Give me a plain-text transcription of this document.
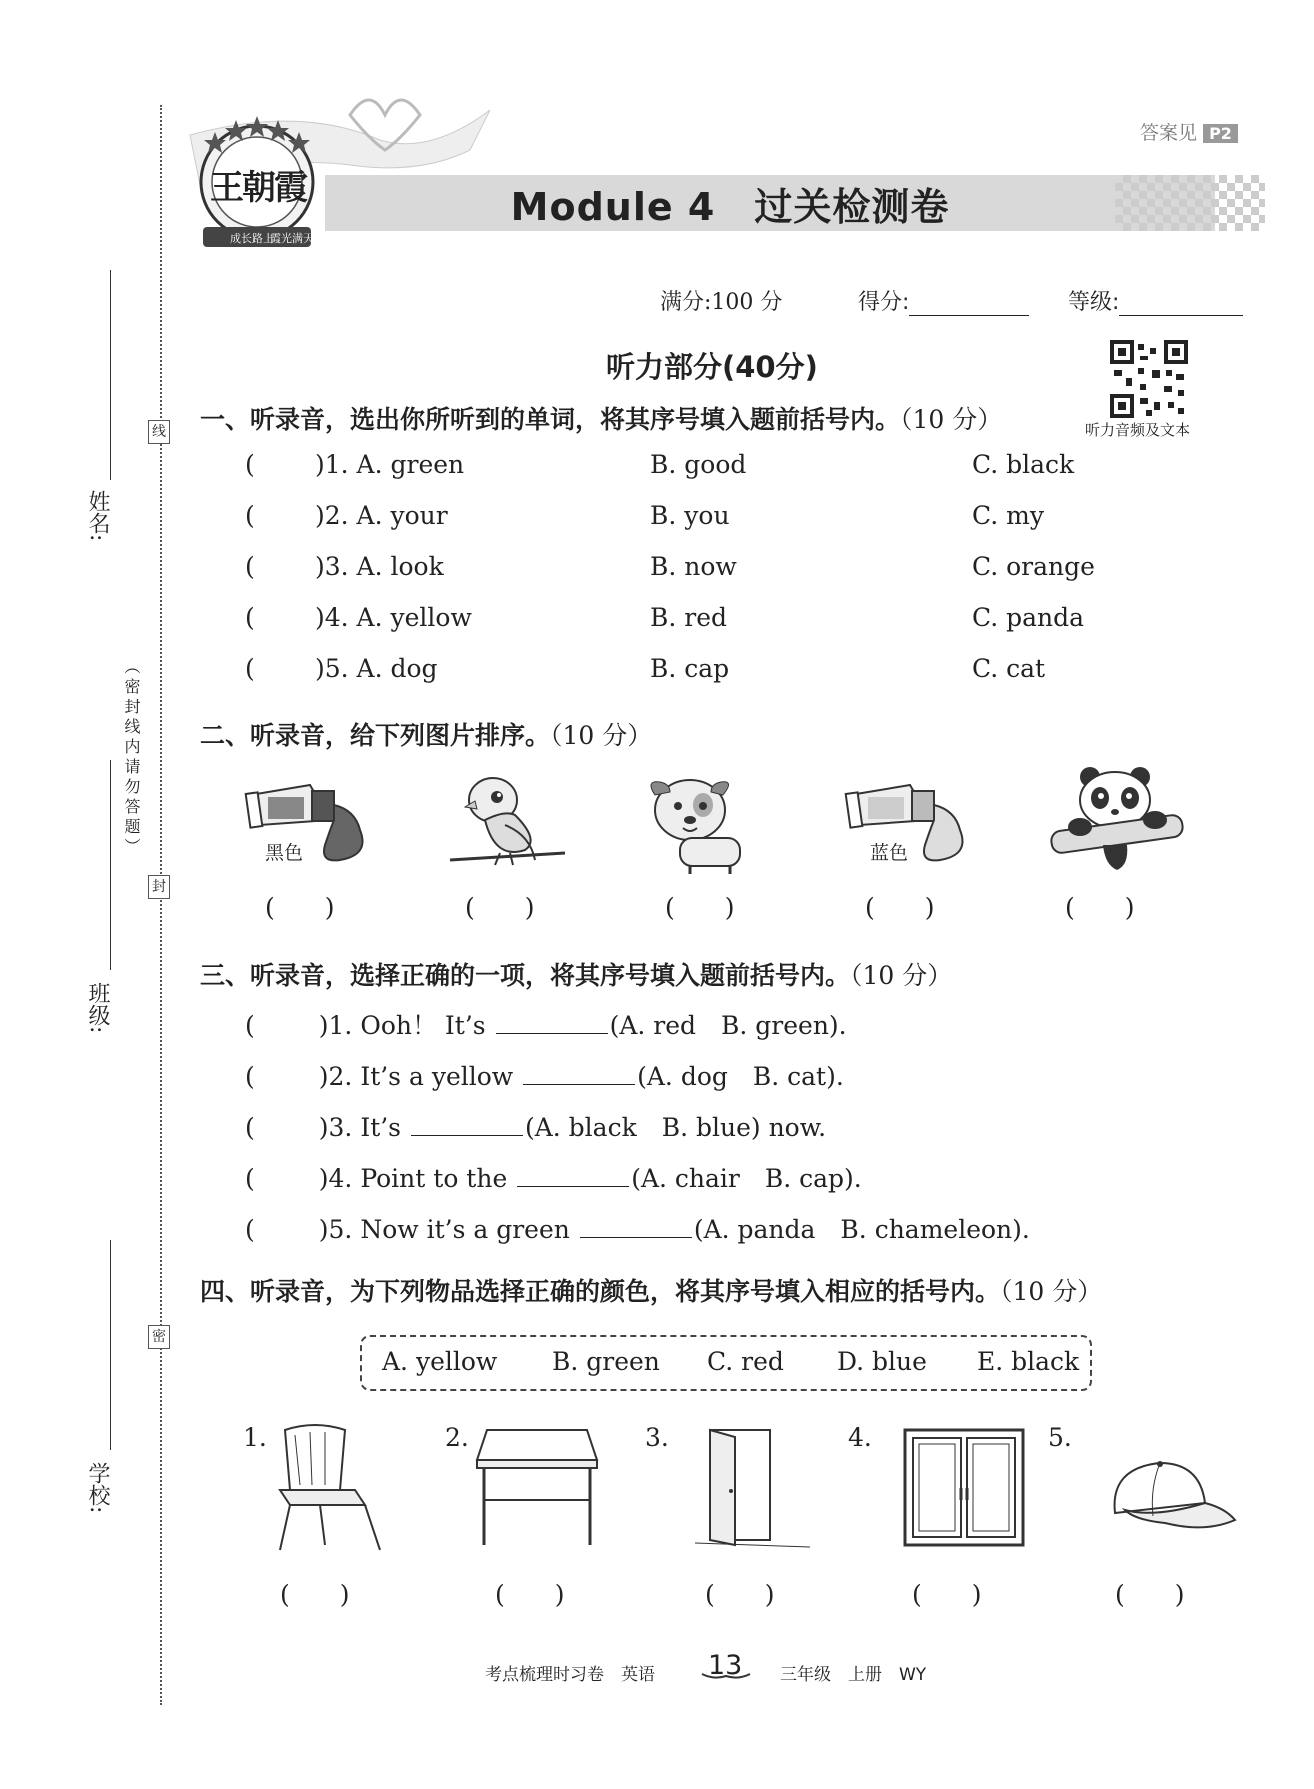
线
封
密
（密封线内请勿答题）
姓名:
班级:
学校:
答案见 P2
Module 4　过关检测卷
成长路上
霞光满天
王朝霞
满分:100 分	得分:	等级:
听力部分(40分)
听力音频及文本
一、听录音，选出你所听到的单词，将其序号填入题前括号内。（10 分）
( )1. A. green	B. good	C. black
( )2. A. your	B. you	C. my
( )3. A. look	B. now	C. orange
( )4. A. yellow	B. red	C. panda
( )5. A. dog	B. cap	C. cat
二、听录音，给下列图片排序。（10 分）
黑色	蓝色
(　　)	(　　)	(　　)	(　　)	(　　)
三、听录音，选择正确的一项，将其序号填入题前括号内。（10 分）
(	)1. Ooh！ It’s	(A. red　B. green).
(	)2. It’s a yellow	(A. dog　B. cat).
(	)3. It’s	(A. black　B. blue) now.
(	)4. Point to the	(A. chair　B. cap).
(	)5. Now it’s a green	(A. panda　B. chameleon).
四、听录音，为下列物品选择正确的颜色，将其序号填入相应的括号内。（10 分）
A. yellow B. green C. red D. blue E. black
1.	2.	3.	4.	5.
(　　)	(　　)	(　　)	(　　)	(　　)
考点梳理时习卷　英语 13 三年级　上册　WY
